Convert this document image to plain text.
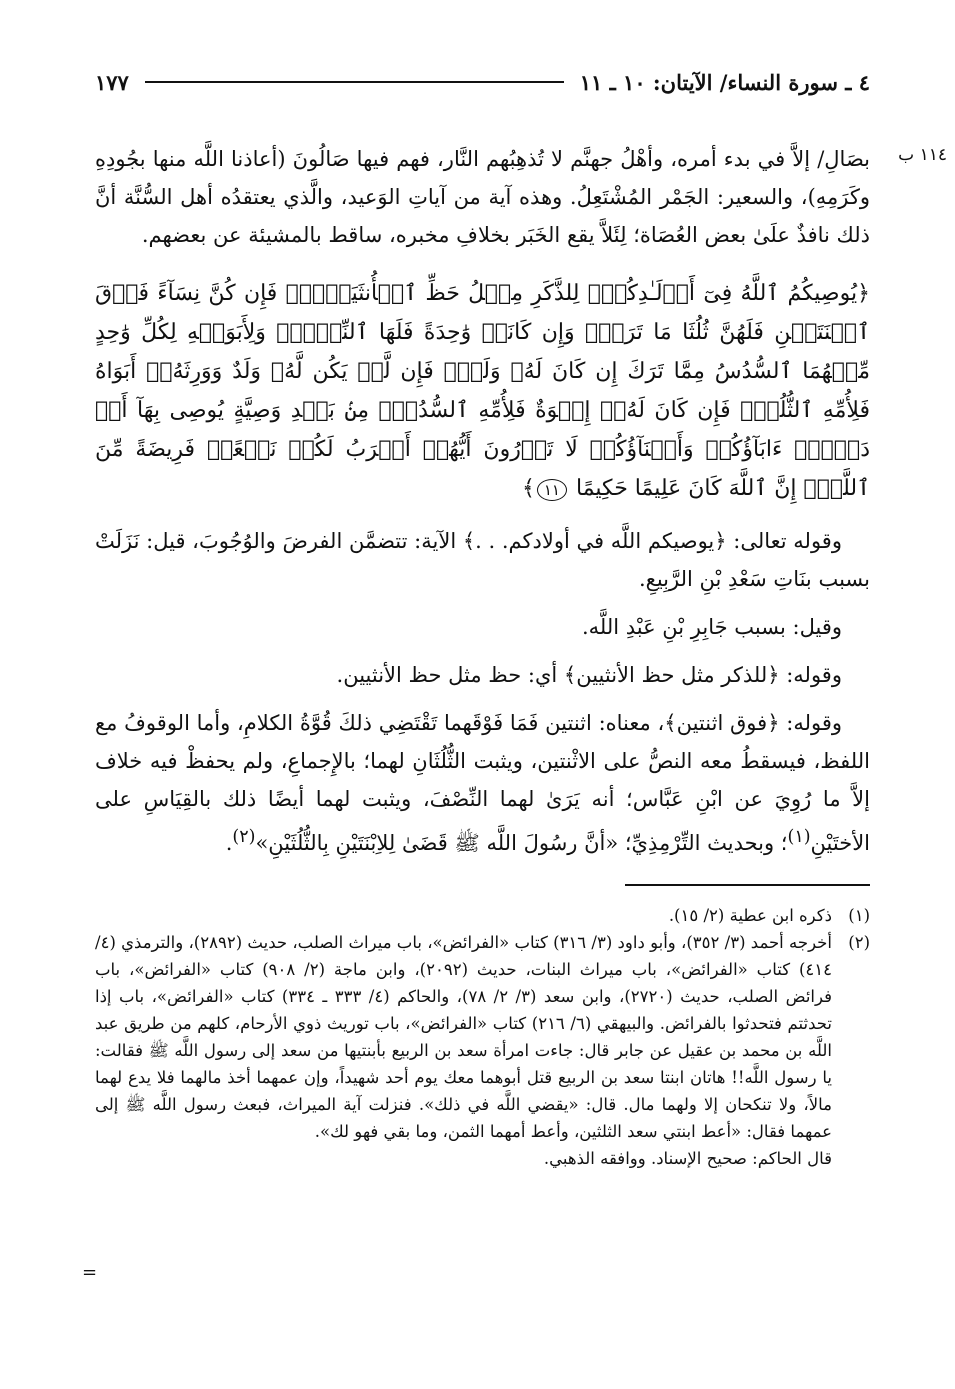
٤ ـ سورة النساء/ الآيتان: ١٠ ـ ١١
١٧٧

بصَالِ/ إلاَّ في بدء أمره، وأهْلُ جهنَّم لا تُذهِبُهم النَّار، فهم فيها صَالُونَ (أعاذنا اللَّه منها بجُودِهِ وكَرَمِهِ)، والسعير: الجَمْر المُشْتَعِلُ. وهذه آية من آياتِ الوَعيد، والَّذي يعتقدُه أهل السُّنَّة أنَّ ذلك نافذٌ علَىٰ بعض العُصَاة؛ لِئَلاَّ يقع الخَبَر بخلافِ مخبره، ساقط بالمشيئة عن بعضهم.

﴿يُوصِيكُمُ ٱللَّهُ فِىٓ أَوۡلَـٰدِكُمۡۖ لِلذَّكَرِ مِثۡلُ حَظِّ ٱلۡأُنثَيَيۡنِۚ فَإِن كُنَّ نِسَآءً فَوۡقَ ٱثۡنَتَيۡنِ فَلَهُنَّ ثُلُثَا مَا تَرَكَۖ وَإِن كَانَتۡ وَٰحِدَةً فَلَهَا ٱلنِّصۡفُۚ وَلِأَبَوَيۡهِ لِكُلِّ وَٰحِدٍ مِّنۡهُمَا ٱلسُّدُسُ مِمَّا تَرَكَ إِن كَانَ لَهُۥ وَلَدٌۚ فَإِن لَّمۡ يَكُن لَّهُۥ وَلَدٌ وَوَرِثَهُۥٓ أَبَوَاهُ فَلِأُمِّهِ ٱلثُّلُثُۚ فَإِن كَانَ لَهُۥٓ إِخۡوَةٌ فَلِأُمِّهِ ٱلسُّدُسُۚ مِنۢ بَعۡدِ وَصِيَّةٍ يُوصِى بِهَآ أَوۡ دَيۡنٍۗ ءَابَآؤُكُمۡ وَأَبۡنَآؤُكُمۡ لَا تَدۡرُونَ أَيُّهُمۡ أَقۡرَبُ لَكُمۡ نَفۡعًاۚ فَرِيضَةً مِّنَ ٱللَّهِۗ إِنَّ ٱللَّهَ كَانَ عَلِيمًا حَكِيمًا ١١﴾

وقوله تعالى: ﴿يوصيكم اللَّه في أولادكم. . .﴾ الآية: تتضمَّن الفرضَ والوُجُوبَ، قيل: نَزَلَتْ بسبب بنَاتِ سَعْدِ بْنِ الرَّبِيعِ.

وقيل: بسبب جَابِرِ بْنِ عَبْدِ اللَّه.

وقوله: ﴿للذكر مثل حظ الأنثيين﴾ أي: حظ مثل حظ الأنثيين.

وقوله: ﴿فوق اثنتين﴾، معناه: اثنتين فَمَا فَوْقَهما تَقْتَضِي ذلكَ قُوَّةُ الكلامِ، وأما الوقوفُ مع اللفظ، فيسقطُ معه النصُّ على الاثْنتين، ويثبت الثُّلُثَانِ لهما؛ بالإِجماعِ، ولم يحفظْ فيه خلاف إلاَّ ما رُوِيَ عن ابْنِ عَبَّاس؛ أنه يَرَىٰ لهما النِّصْفَ، ويثبت لهما أيضًا ذلك بالقِيَاسِ على الأختَيْنِ$^{(١)}$؛ وبحديث التِّرْمِذِيِّ؛ «أنَّ رسُولَ اللَّه ﷺ قَضَىٰ لِلاِبْنَتَيْنِ بِالثُّلُثَيْنِ»$^{(٢)}$.

(١)
ذكره ابن عطية (٢/ ١٥).
(٢)
أخرجه أحمد (٣/ ٣٥٢)، وأبو داود (٣/ ٣١٦) كتاب «الفرائض»، باب ميراث الصلب، حديث (٢٨٩٢)، والترمذي (٤/ ٤١٤) كتاب «الفرائض»، باب ميراث البنات، حديث (٢٠٩٢)، وابن ماجة (٢/ ٩٠٨) كتاب «الفرائض»، باب فرائض الصلب، حديث (٢٧٢٠)، وابن سعد (٣/ ٢/ ٧٨)، والحاكم (٤/ ٣٣٣ ـ ٣٣٤) كتاب «الفرائض»، باب إذا تحدثتم فتحدثوا بالفرائض. والبيهقي (٦/ ٢١٦) كتاب «الفرائض»، باب توريث ذوي الأرحام، كلهم من طريق عبد اللَّه بن محمد بن عقيل عن جابر قال: جاءت امرأة سعد بن الربيع بأبنتيها من سعد إلى رسول اللَّه ﷺ فقالت: يا رسول اللَّه!! هاتان ابنتا سعد بن الربيع قتل أبوهما معك يوم أحد شهيداً، وإن عمهما أخذ مالهما فلا يدع لهما مالاً، ولا تنكحان إلا ولهما مال. قال: «يقضي اللَّه في ذلك». فنزلت آية الميراث، فبعث رسول اللَّه ﷺ إلى عمهما فقال: «أعط ابنتي سعد الثلثين، وأعط أمهما الثمن، وما بقي فهو لك».
قال الحاكم: صحيح الإسناد. ووافقه الذهبي.
١١٤ ب
=
